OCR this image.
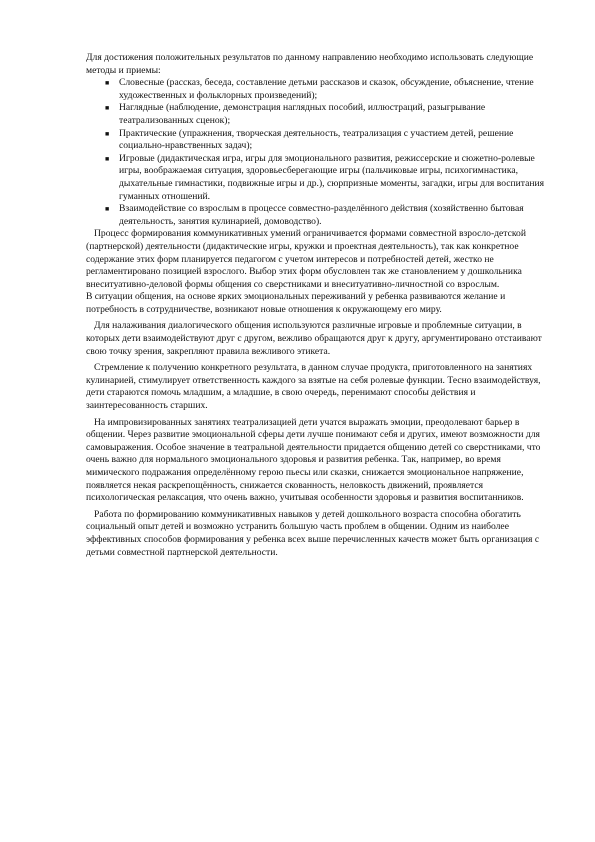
Для достижения положительных результатов по данному направлению необходимо использовать следующие методы и приемы:

■ Словесные (рассказ, беседа, составление детьми рассказов и сказок, обсуждение, объяснение, чтение художественных и фольклорных произведений);
■ Наглядные (наблюдение, демонстрация наглядных пособий, иллюстраций, разыгрывание театрализованных сценок);
■ Практические (упражнения, творческая деятельность, театрализация с участием детей, решение социально-нравственных задач);
■ Игровые (дидактическая игра, игры для эмоционального развития, режиссерские и сюжетно-ролевые игры, воображаемая ситуация, здоровьесберегающие игры (пальчиковые игры, психогимнастика, дыхательные гимнастики, подвижные игры и др.), сюрпризные моменты, загадки, игры для воспитания гуманных отношений.
■ Взаимодействие со взрослым в процессе совместно-разделённого действия (хозяйственно бытовая деятельность, занятия кулинарией, домоводство).

Процесс формирования коммуникативных умений ограничивается формами совместной взросло-детской (партнерской) деятельности (дидактические игры, кружки и проектная деятельность), так как конкретное содержание этих форм планируется педагогом с учетом интересов и потребностей детей, жестко не регламентировано позицией взрослого. Выбор этих форм обусловлен так же становлением у дошкольника внеситуативно-деловой формы общения со сверстниками и внеситуативно-личностной со взрослым.

В ситуации общения, на основе ярких эмоциональных переживаний у ребенка развиваются желание и потребность в сотрудничестве, возникают новые отношения к окружающему его миру.

Для налаживания диалогического общения используются различные игровые и проблемные ситуации, в которых дети взаимодействуют друг с другом, вежливо обращаются друг к другу, аргументировано отстаивают свою точку зрения, закрепляют правила вежливого этикета.

Стремление к получению конкретного результата, в данном случае продукта, приготовленного на занятиях кулинарией, стимулирует ответственность каждого за взятые на себя ролевые функции. Тесно взаимодействуя, дети стараются помочь младшим, а младшие, в свою очередь, перенимают способы действия и заинтересованность старших.

На импровизированных занятиях театрализацией дети учатся выражать эмоции, преодолевают барьер в общении. Через развитие эмоциональной сферы дети лучше понимают себя и других, имеют возможности для самовыражения. Особое значение в театральной деятельности придается общению детей со сверстниками, что очень важно для нормального эмоционального здоровья и развития ребенка. Так, например, во время мимического подражания определённому герою пьесы или сказки, снижается эмоциональное напряжение, появляется некая раскрепощённость, снижается скованность, неловкость движений, проявляется психологическая релаксация, что очень важно, учитывая особенности здоровья и развития воспитанников.

Работа по формированию коммуникативных навыков у детей дошкольного возраста способна обогатить социальный опыт детей и возможно устранить большую часть проблем в общении. Одним из наиболее эффективных способов формирования у ребенка всех выше перечисленных качеств может быть организация с детьми совместной партнерской деятельности.
